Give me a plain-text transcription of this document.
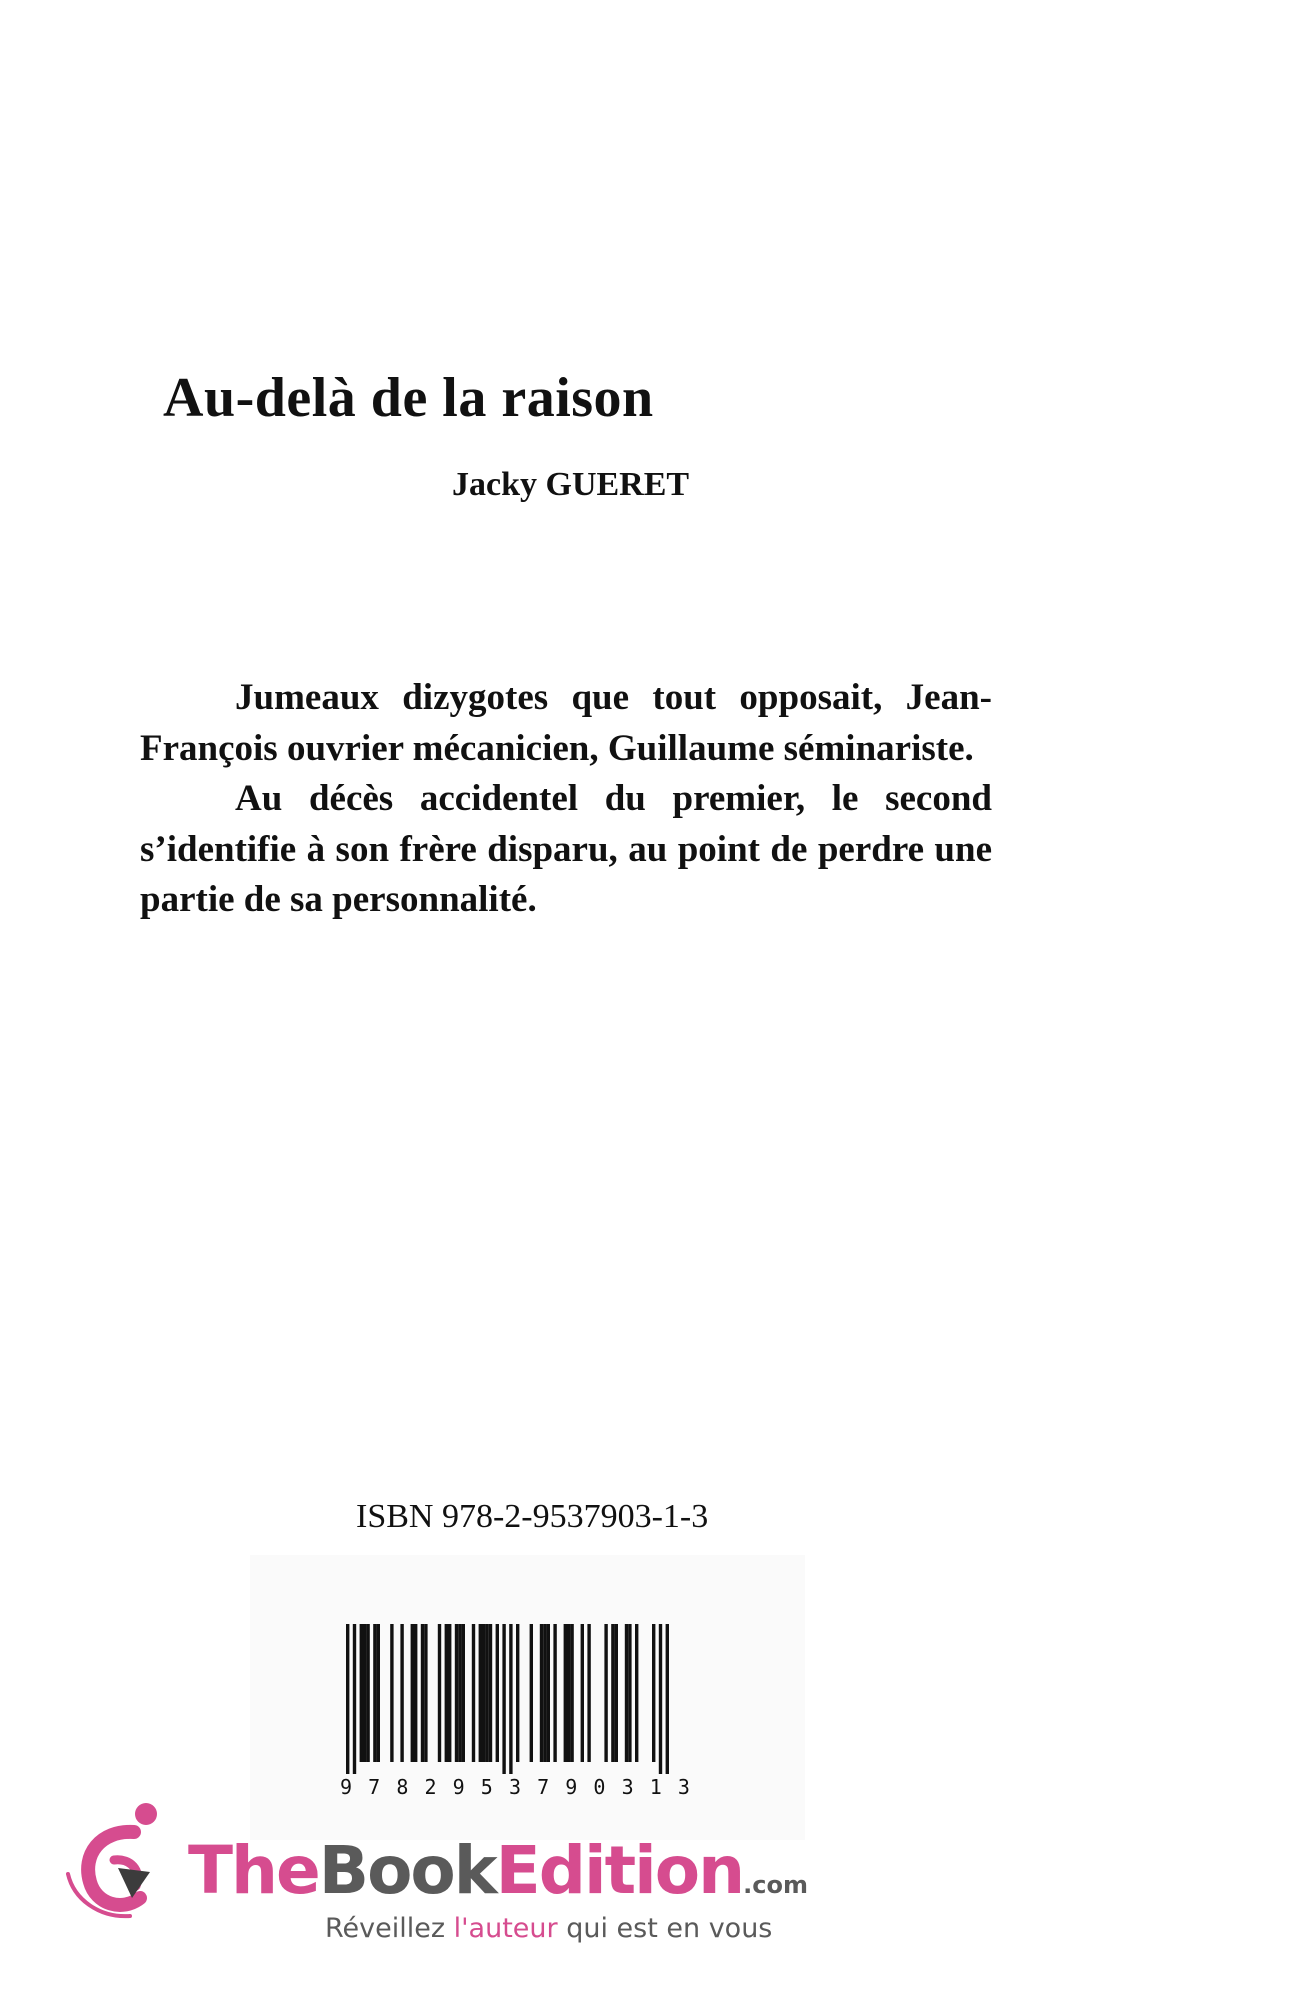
Au-delà de la raison
Jacky GUERET

Jumeaux dizygotes que tout opposait, Jean-François ouvrier mécanicien, Guillaume séminariste.

Au décès accidentel du premier, le second s’identifie à son frère disparu, au point de perdre une partie de sa personnalité.

ISBN 978-2-9537903-1-3
9 7 8 2 9 5 3 7 9 0 3 1 3
TheBookEdition.com
Réveillez l'auteur qui est en vous
